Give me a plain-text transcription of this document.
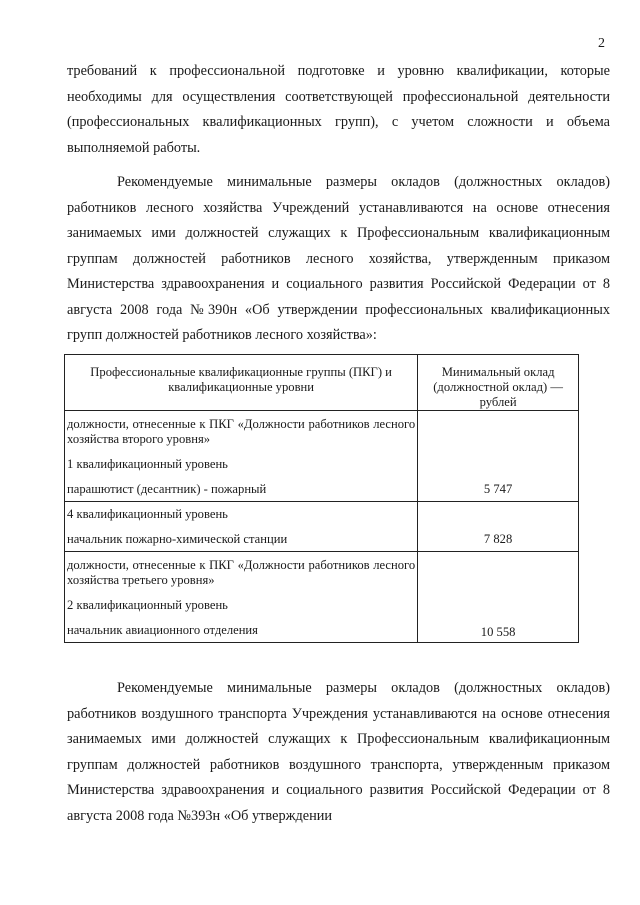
2

требований к профессиональной подготовке и уровню квалификации, которые необходимы для осуществления соответствующей профессиональной деятельности (профессиональных квалификационных групп), с учетом сложности и объема выполняемой работы.

Рекомендуемые минимальные размеры окладов (должностных окладов) работников лесного хозяйства Учреждений устанавливаются на основе отнесения занимаемых ими должностей служащих к Профессиональным квалификационным группам должностей работников лесного хозяйства, утвержденным приказом Министерства здравоохранения и социального развития Российской Федерации от 8 августа 2008 года №390н «Об утверждении профессиональных квалификационных групп должностей работников лесного хозяйства»:

Профессиональные квалификационные группы (ПКГ) и квалификационные уровни	Минимальный оклад (должностной оклад) — рублей

должности, отнесенные к ПКГ «Должности работников лесного хозяйства второго уровня»
1 квалификационный уровень
парашютист (десантник) - пожарный	5 747

4 квалификационный уровень
начальник пожарно-химической станции	7 828

должности, отнесенные к ПКГ «Должности работников лесного хозяйства третьего уровня»
2 квалификационный уровень
начальник авиационного отделения	10 558

Рекомендуемые минимальные размеры окладов (должностных окладов) работников воздушного транспорта Учреждения устанавливаются на основе отнесения занимаемых ими должностей служащих к Профессиональным квалификационным группам должностей работников воздушного транспорта, утвержденным приказом Министерства здравоохранения и социального развития Российской Федерации от 8 августа 2008 года №393н «Об утверждении
